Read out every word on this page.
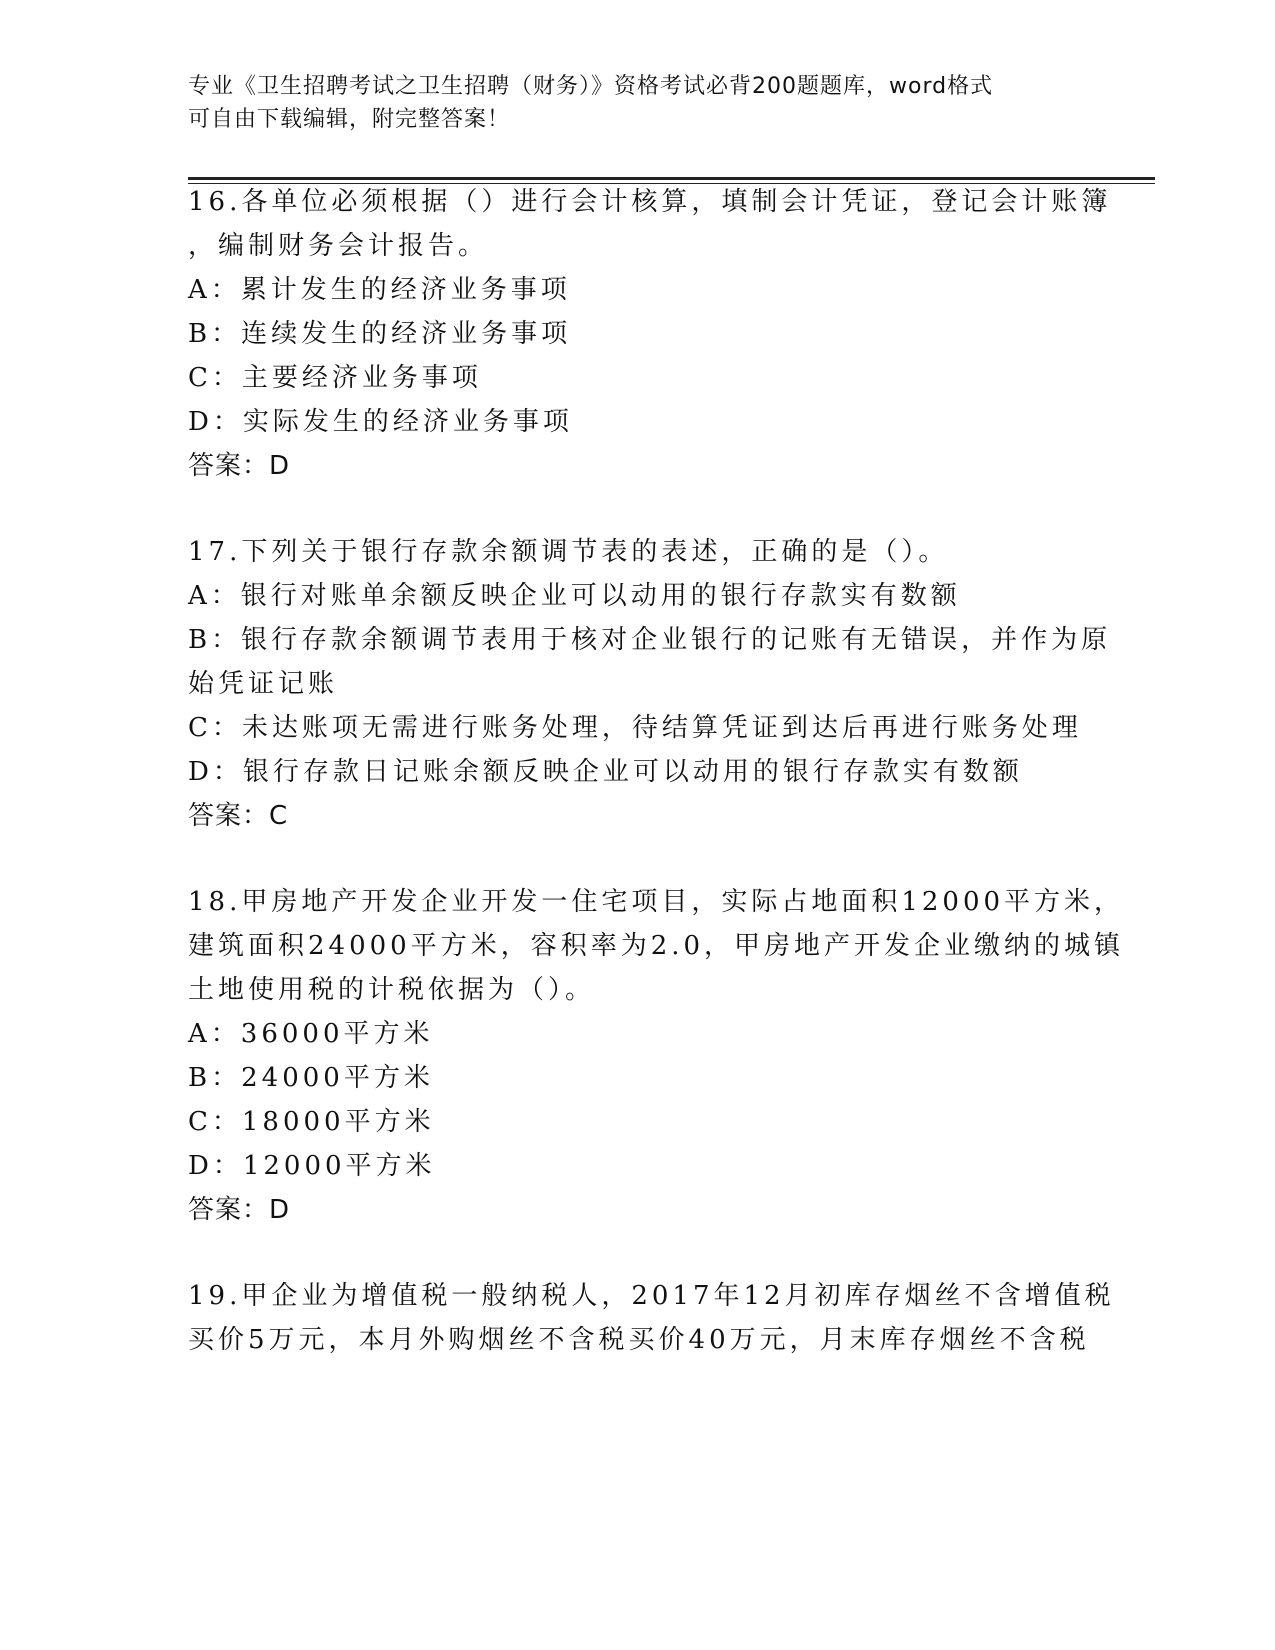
专业《卫生招聘考试之卫生招聘（财务）》资格考试必背200题题库，word格式
可自由下载编辑，附完整答案！
16.各单位必须根据（）进行会计核算，填制会计凭证，登记会计账簿
，编制财务会计报告。
A：累计发生的经济业务事项
B：连续发生的经济业务事项
C：主要经济业务事项
D：实际发生的经济业务事项
答案：D
17.下列关于银行存款余额调节表的表述，正确的是（）。
A：银行对账单余额反映企业可以动用的银行存款实有数额
B：银行存款余额调节表用于核对企业银行的记账有无错误，并作为原
始凭证记账
C：未达账项无需进行账务处理，待结算凭证到达后再进行账务处理
D：银行存款日记账余额反映企业可以动用的银行存款实有数额
答案：C
18.甲房地产开发企业开发一住宅项目，实际占地面积12000平方米，
建筑面积24000平方米，容积率为2.0，甲房地产开发企业缴纳的城镇
土地使用税的计税依据为（）。
A：36000平方米
B：24000平方米
C：18000平方米
D：12000平方米
答案：D
19.甲企业为增值税一般纳税人，2017年12月初库存烟丝不含增值税
买价5万元，本月外购烟丝不含税买价40万元，月末库存烟丝不含税
